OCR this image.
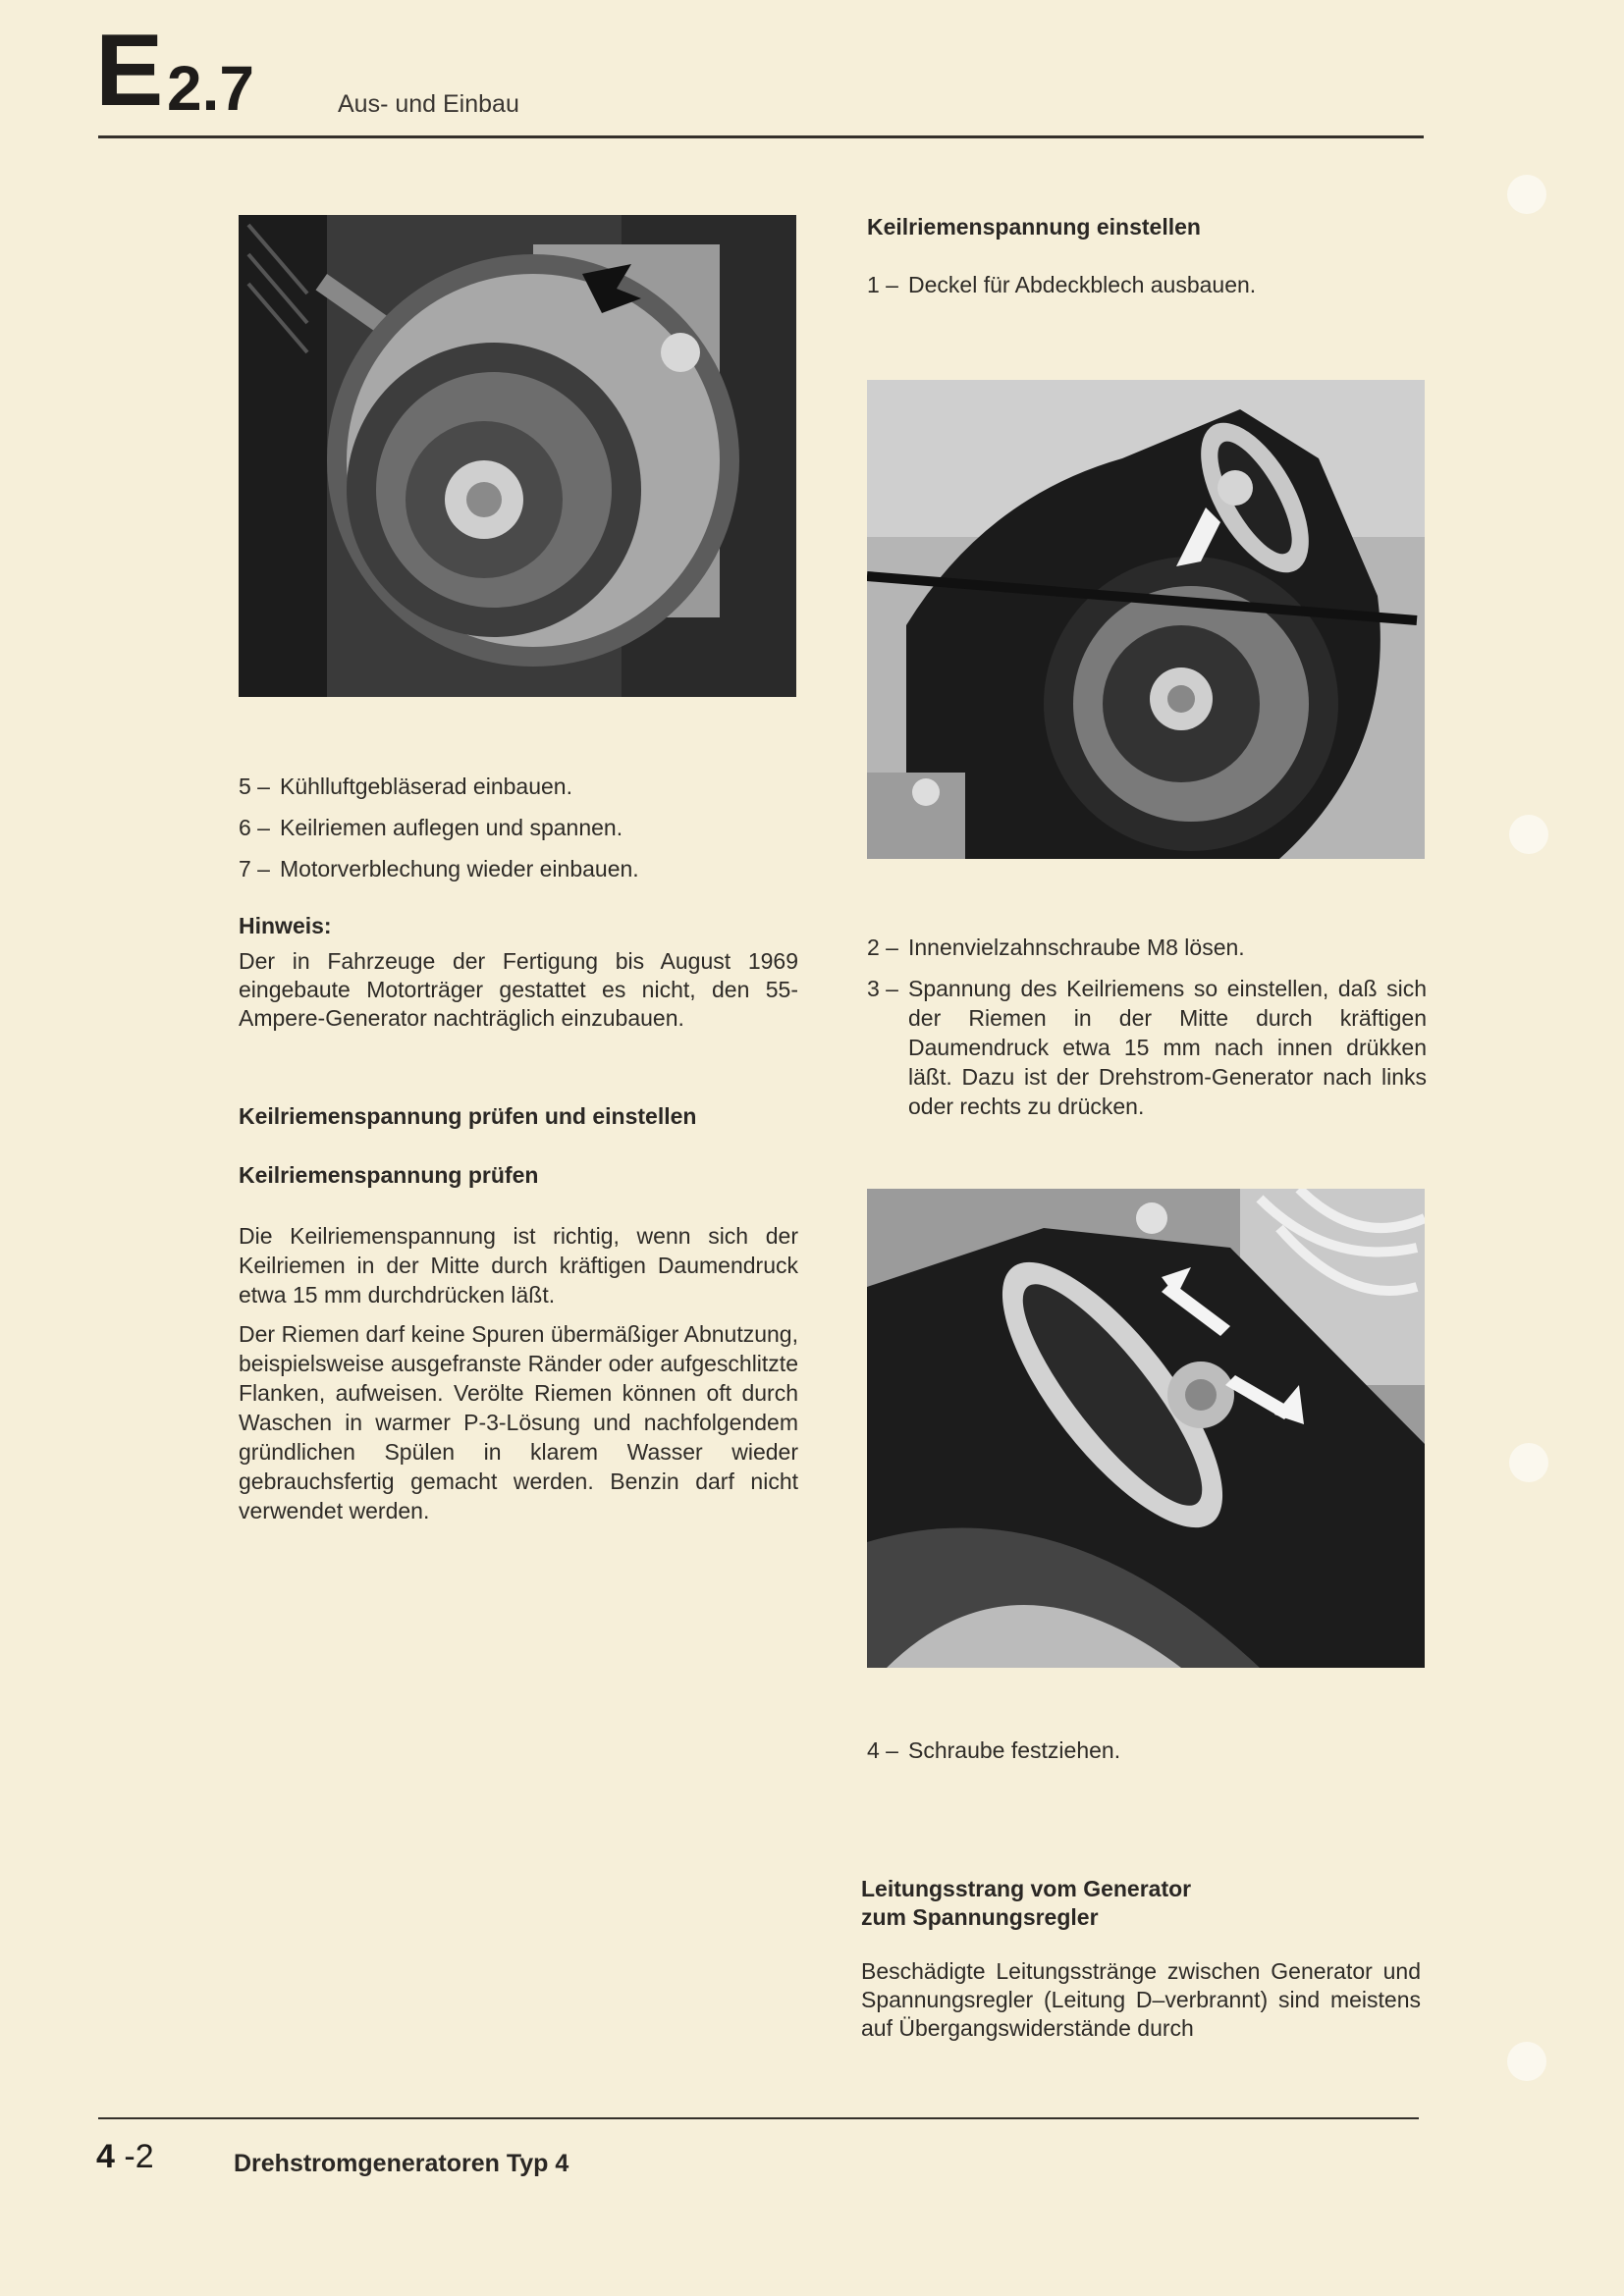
E 2.7	Aus- und Einbau
5 – Kühlluftgebläserad einbauen.
6 – Keilriemen auflegen und spannen.
7 – Motorverblechung wieder einbauen.
Hinweis:
Der in Fahrzeuge der Fertigung bis August 1969 eingebaute Motorträger gestattet es nicht, den 55-Ampere-Generator nachträglich einzubauen.
Keilriemenspannung prüfen und einstellen
Keilriemenspannung prüfen
Die Keilriemenspannung ist richtig, wenn sich der Keilriemen in der Mitte durch kräftigen Daumendruck etwa 15 mm durchdrücken läßt.
Der Riemen darf keine Spuren übermäßiger Abnutzung, beispielsweise ausgefranste Ränder oder aufgeschlitzte Flanken, aufweisen. Verölte Riemen können oft durch Waschen in warmer P-3-Lösung und nachfolgendem gründlichen Spülen in klarem Wasser wieder gebrauchsfertig gemacht werden. Benzin darf nicht verwendet werden.
Keilriemenspannung einstellen
1 – Deckel für Abdeckblech ausbauen.
2 – Innenvielzahnschraube M8 lösen.
3 – Spannung des Keilriemens so einstellen, daß sich der Riemen in der Mitte durch kräftigen Daumendruck etwa 15 mm nach innen drükken läßt. Dazu ist der Drehstrom-Generator nach links oder rechts zu drücken.
4 – Schraube festziehen.
Leitungsstrang vom Generator
zum Spannungsregler
Beschädigte Leitungsstränge zwischen Generator und Spannungsregler (Leitung D–verbrannt) sind meistens auf Übergangswiderstände durch
4 -2	Drehstromgeneratoren Typ 4
